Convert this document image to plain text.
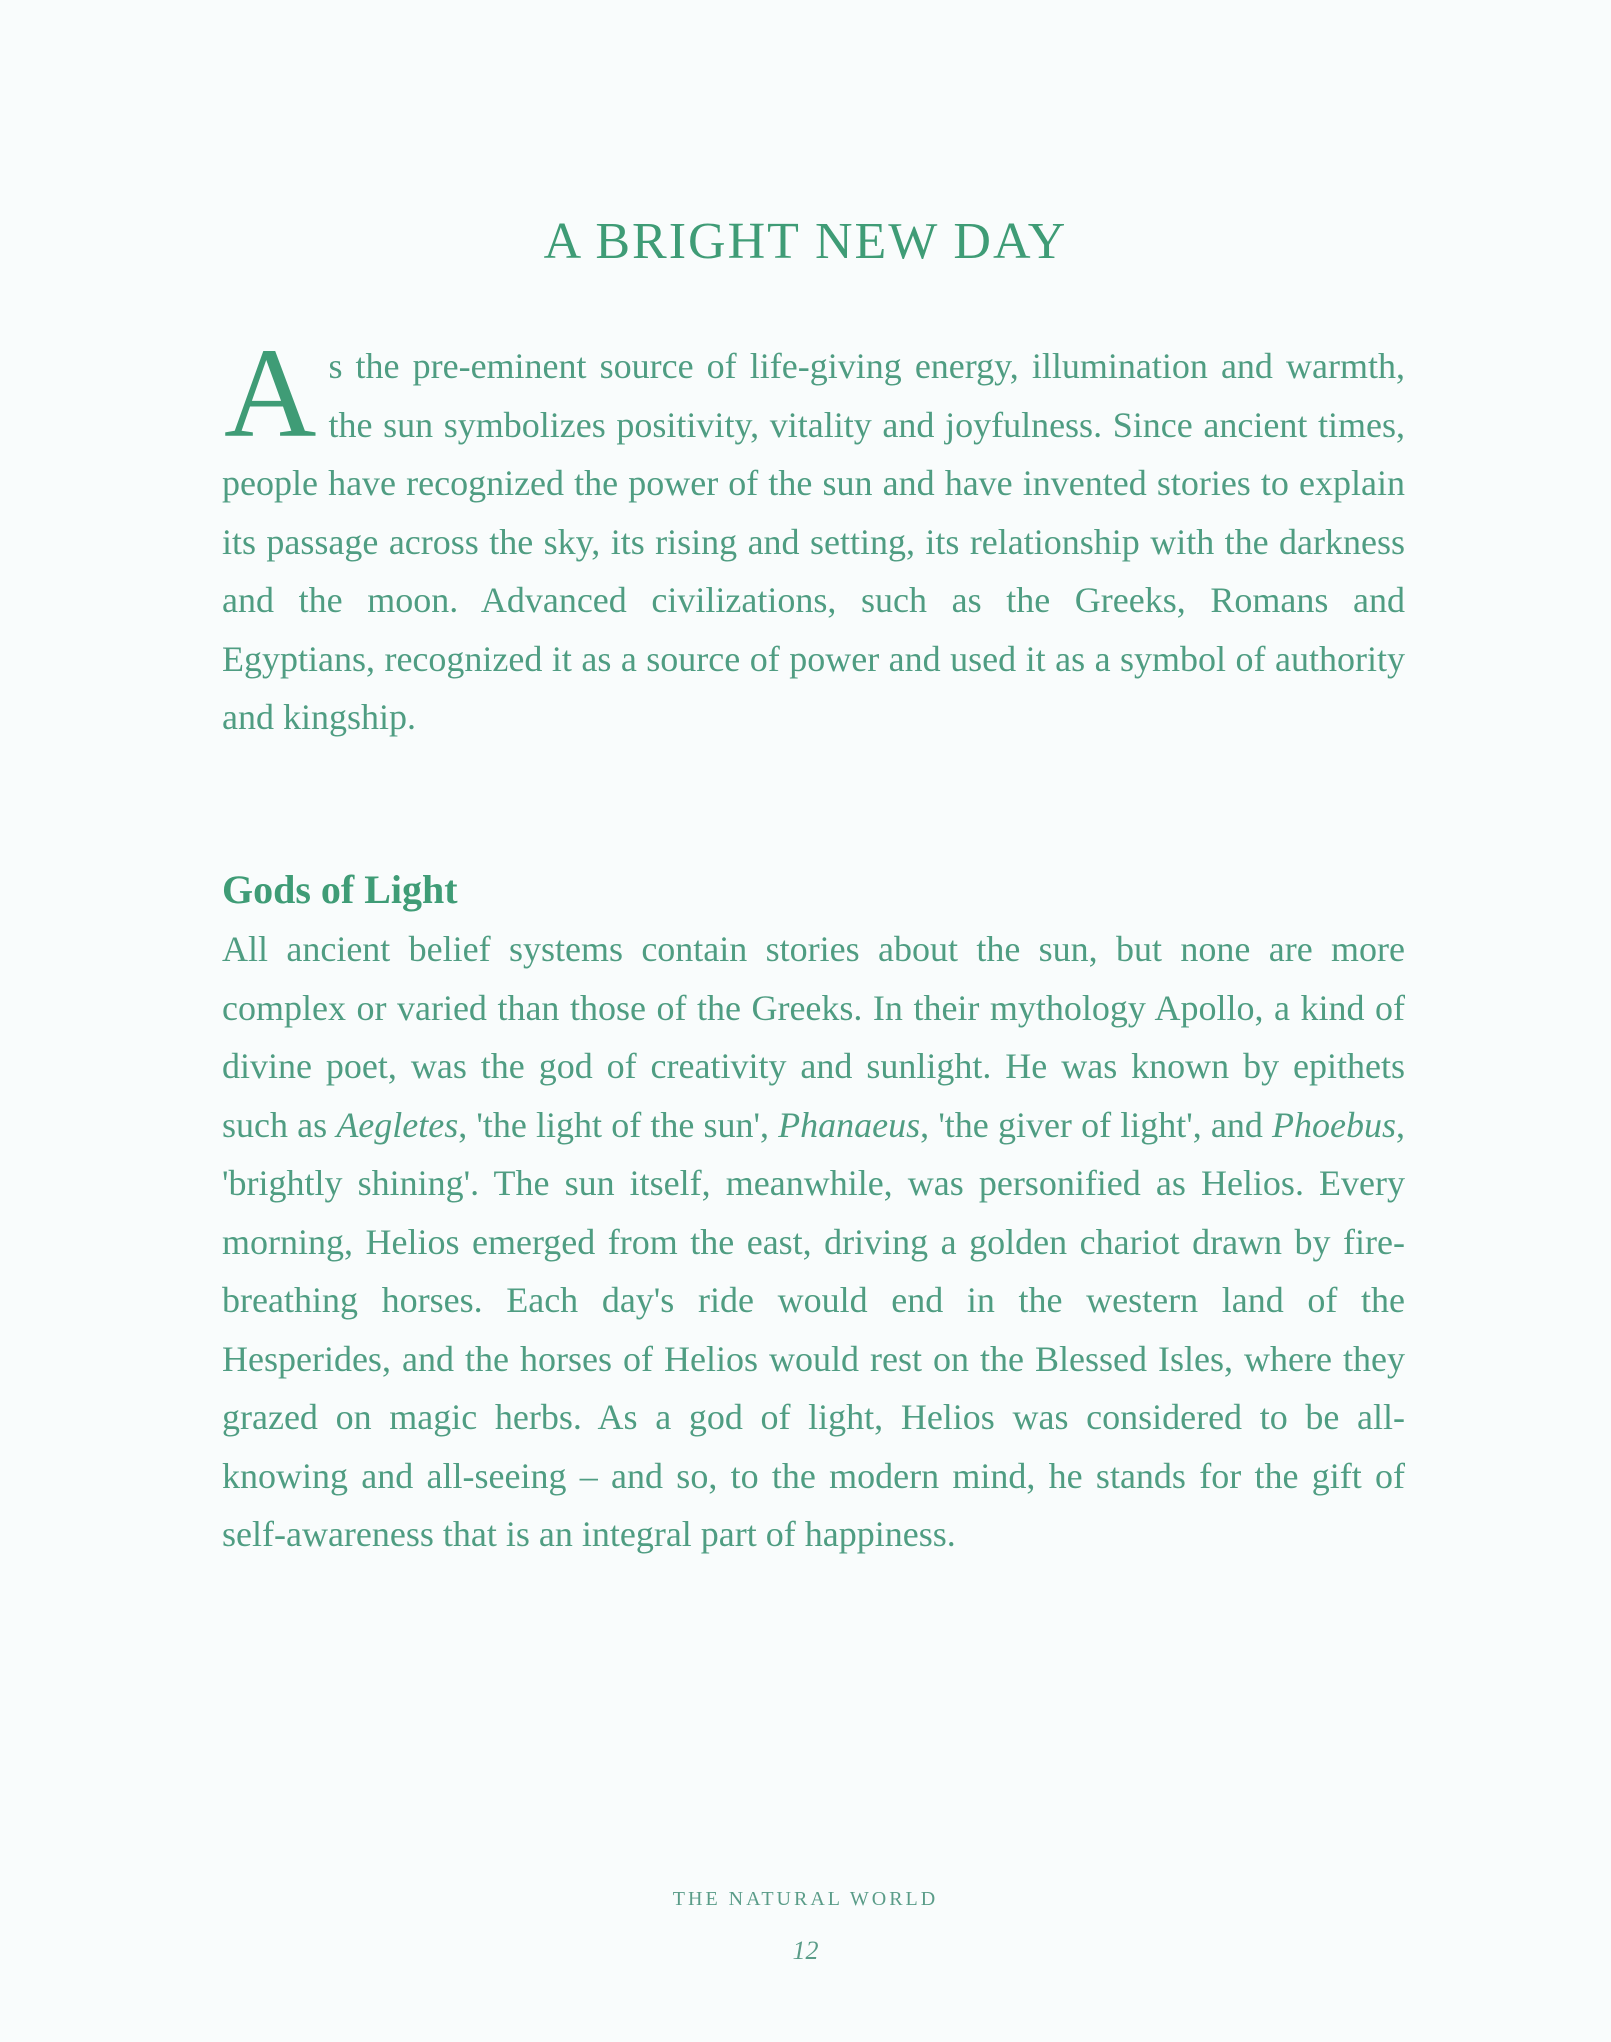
A BRIGHT NEW DAY
A s the pre-eminent source of life-giving energy, illumination and warmth, the sun symbolizes positivity, vitality and joyfulness. Since ancient times, people have recognized the power of the sun and have invented stories to explain its passage across the sky, its rising and setting, its relationship with the darkness and the moon. Advanced civilizations, such as the Greeks, Romans and Egyptians, recognized it as a source of power and used it as a symbol of authority and kingship.

Gods of Light

All ancient belief systems contain stories about the sun, but none are more complex or varied than those of the Greeks. In their mythology Apollo, a kind of divine poet, was the god of creativity and sunlight. He was known by epithets such as Aegletes, 'the light of the sun', Phanaeus, 'the giver of light', and Phoebus, 'brightly shining'. The sun itself, meanwhile, was personified as Helios. Every morning, Helios emerged from the east, driving a golden chariot drawn by fire-breathing horses. Each day's ride would end in the western land of the Hesperides, and the horses of Helios would rest on the Blessed Isles, where they grazed on magic herbs. As a god of light, Helios was considered to be all-knowing and all-seeing – and so, to the modern mind, he stands for the gift of self-awareness that is an integral part of happiness.

THE NATURAL WORLD
12
